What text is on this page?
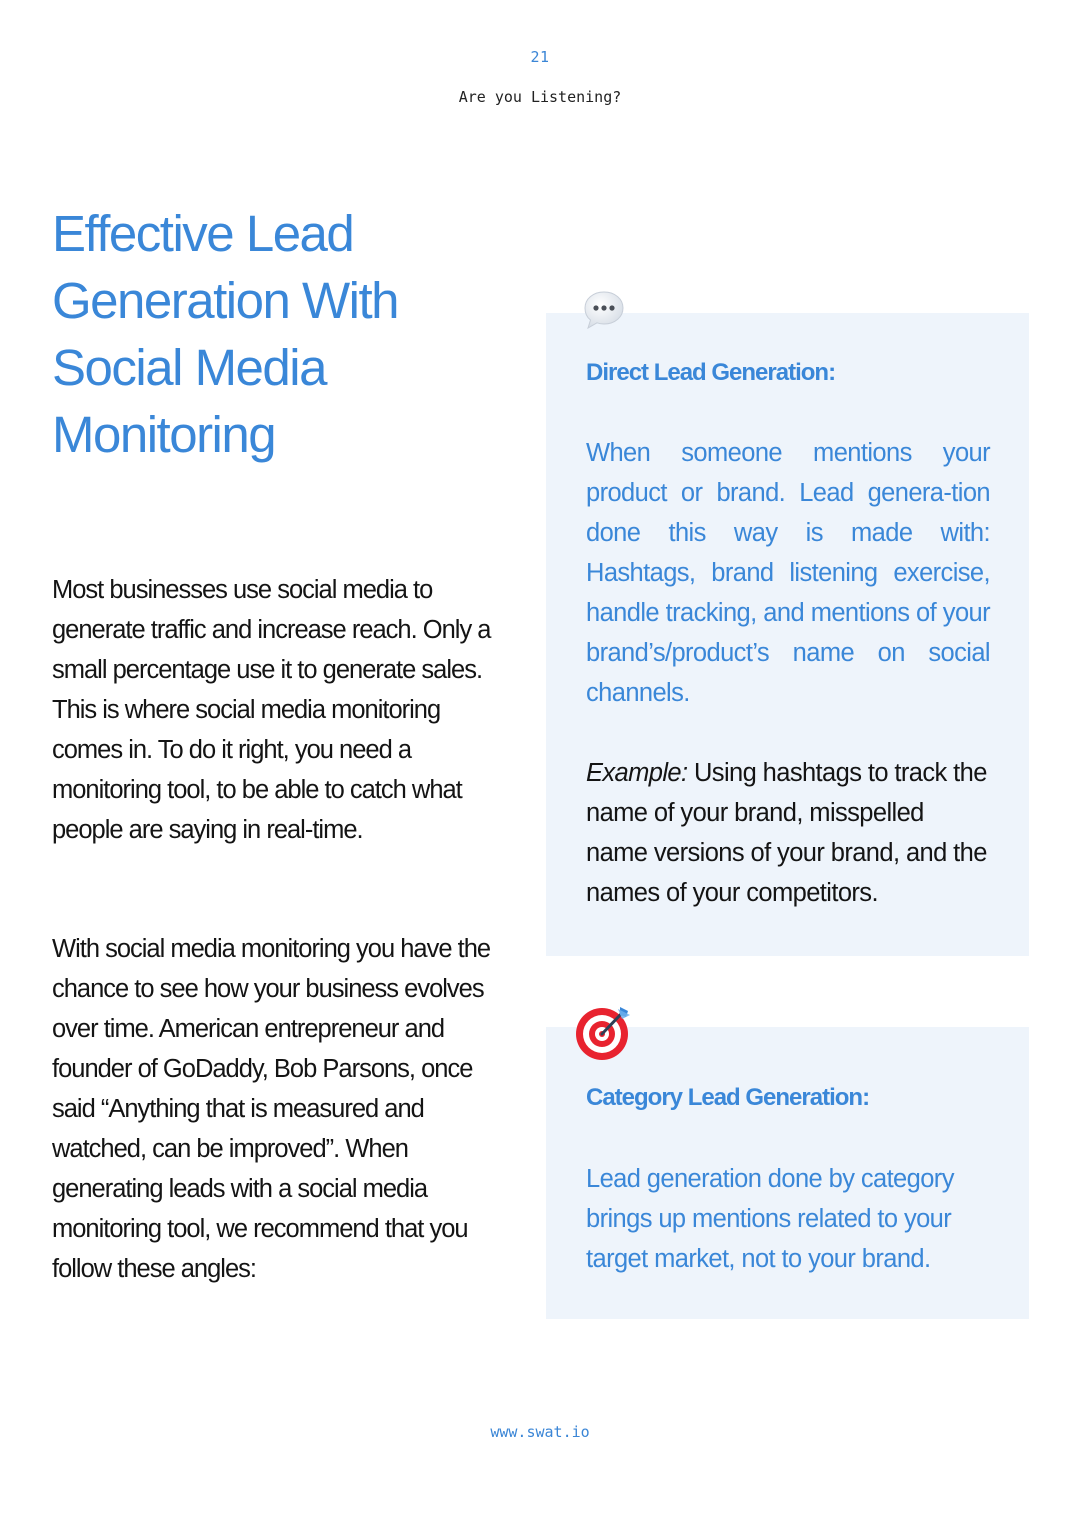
21
Are you Listening?
Effective Lead Generation With Social Media Monitoring

Most businesses use social media to generate traffic and increase reach. Only a small percentage use it to generate sales. This is where social media monitoring comes in. To do it right, you need a monitoring tool, to be able to catch what people are saying in real-time.

With social media monitoring you have the chance to see how your business evolves over time. American entrepreneur and founder of GoDaddy, Bob Parsons, once said “Anything that is measured and watched, can be improved”. When generating leads with a social media monitoring tool, we recommend that you follow these angles:

Direct Lead Generation:

When someone mentions your product or brand. Lead genera-tion done this way is made with: Hashtags, brand listening exercise, handle tracking, and mentions of your brand’s/product’s name on social channels.

Example: Using hashtags to track the name of your brand, misspelled name versions of your brand, and the names of your competitors.

Category Lead Generation:

Lead generation done by category brings up mentions related to your target market, not to your brand.

www.swat.io
